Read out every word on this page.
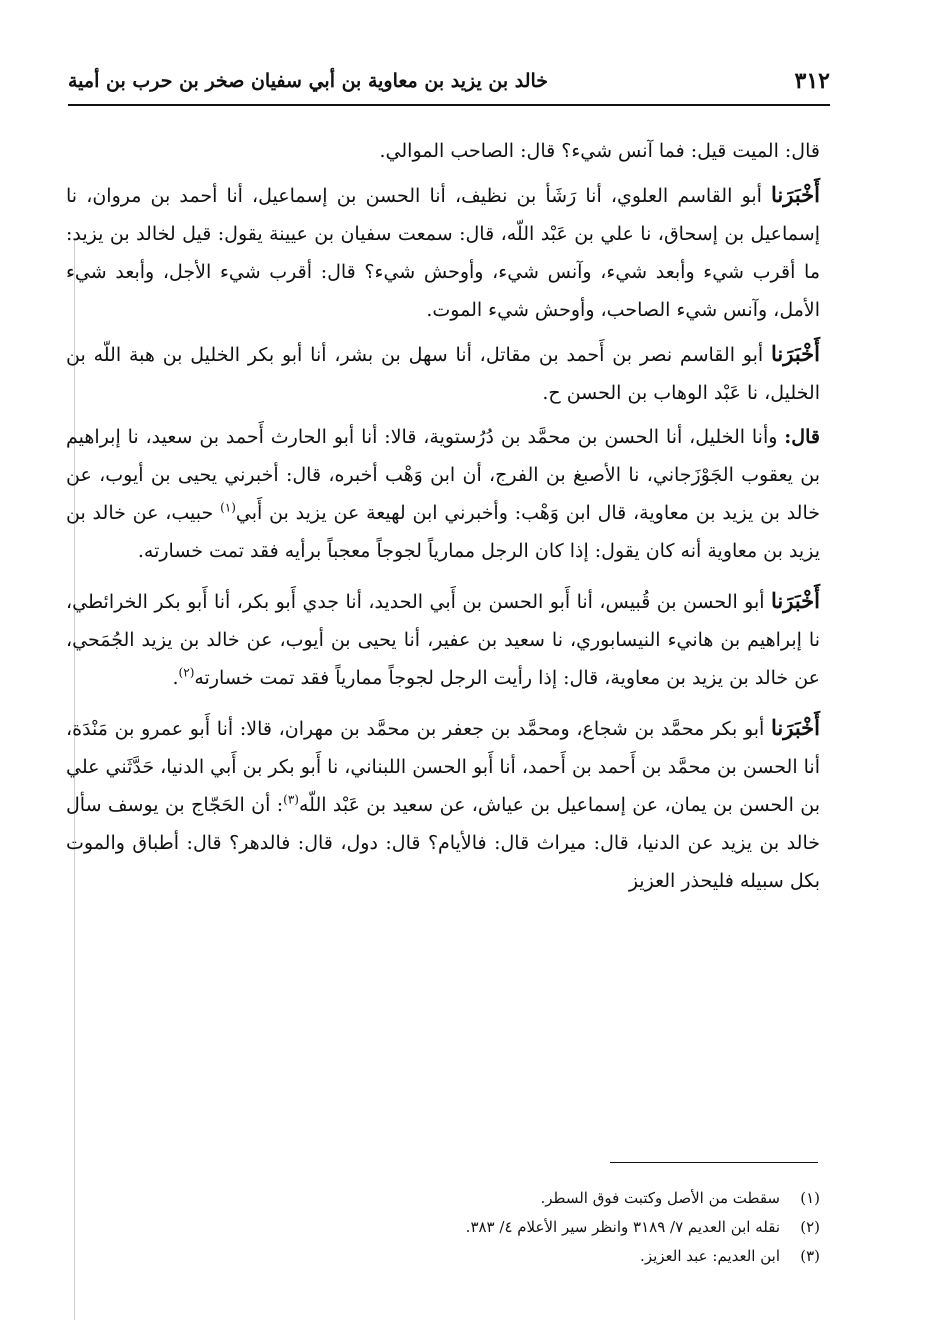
٣١٢
خالد بن يزيد بن معاوية بن أبي سفيان صخر بن حرب بن أمية

قال: الميت قيل: فما آنس شيء؟ قال: الصاحب الموالي.

أَخْبَرَنا أبو القاسم العلوي، أنا رَشَأ بن نظيف، أنا الحسن بن إسماعيل، أنا أحمد بن مروان، نا إسماعيل بن إسحاق، نا علي بن عَبْد اللّه، قال: سمعت سفيان بن عيينة يقول: قيل لخالد بن يزيد: ما أقرب شيء وأبعد شيء، وآنس شيء، وأوحش شيء؟ قال: أقرب شيء الأجل، وأبعد شيء الأمل، وآنس شيء الصاحب، وأوحش شيء الموت.

أَخْبَرَنا أبو القاسم نصر بن أَحمد بن مقاتل، أنا سهل بن بشر، أنا أبو بكر الخليل بن هبة اللّه بن الخليل، نا عَبْد الوهاب بن الحسن ح.

قال: وأنا الخليل، أنا الحسن بن محمَّد بن دُرُستوية، قالا: أنا أبو الحارث أَحمد بن سعيد، نا إبراهيم بن يعقوب الجَوْزَجاني، نا الأصبغ بن الفرج، أن ابن وَهْب أخبره، قال: أخبرني يحيى بن أيوب، عن خالد بن يزيد بن معاوية، قال ابن وَهْب: وأخبرني ابن لهيعة عن يزيد بن أَبي$^{(١)}$ حبيب، عن خالد بن يزيد بن معاوية أنه كان يقول: إذا كان الرجل ممارياً لجوجاً معجباً برأيه فقد تمت خسارته.

أَخْبَرَنا أبو الحسن بن قُبيس، أنا أَبو الحسن بن أَبي الحديد، أنا جدي أَبو بكر، أنا أَبو بكر الخرائطي، نا إبراهيم بن هانيء النيسابوري، نا سعيد بن عفير، أنا يحيى بن أيوب، عن خالد بن يزيد الجُمَحي، عن خالد بن يزيد بن معاوية، قال: إذا رأيت الرجل لجوجاً ممارياً فقد تمت خسارته$^{(٢)}$.

أَخْبَرَنا أبو بكر محمَّد بن شجاع، ومحمَّد بن جعفر بن محمَّد بن مهران، قالا: أنا أَبو عمرو بن مَنْدَة، أنا الحسن بن محمَّد بن أَحمد بن أَحمد، أنا أَبو الحسن اللبناني، نا أَبو بكر بن أَبي الدنيا، حَدَّثَني علي بن الحسن بن يمان، عن إسماعيل بن عياش، عن سعيد بن عَبْد اللّه$^{(٣)}$: أن الحَجّاج بن يوسف سأل خالد بن يزيد عن الدنيا، قال: ميراث قال: فالأيام؟ قال: دول، قال: فالدهر؟ قال: أطباق والموت بكل سبيله فليحذر العزيز

(١)سقطت من الأصل وكتبت فوق السطر.

(٢)نقله ابن العديم ٧/ ٣١٨٩ وانظر سير الأعلام ٤/ ٣٨٣.

(٣)ابن العديم: عبد العزيز.
